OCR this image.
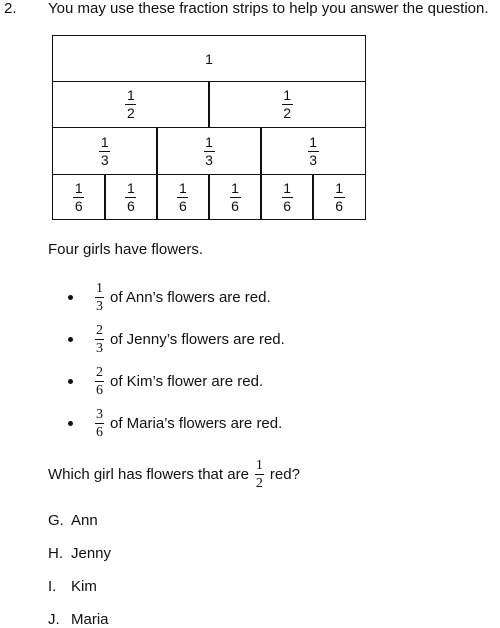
2. You may use these fraction strips to help you answer the question.
1
$\frac{1}{2}$	$\frac{1}{2}$
$\frac{1}{3}$	$\frac{1}{3}$	$\frac{1}{3}$
$\frac{1}{6}$	$\frac{1}{6}$	$\frac{1}{6}$	$\frac{1}{6}$	$\frac{1}{6}$	$\frac{1}{6}$
Four girls have flowers.
1
3
of Ann’s flowers are red.
2
3
of Jenny’s flowers are red.
2
6
of Kim’s flower are red.
3
6
of Maria’s flowers are red.
Which girl has flowers that are
1
2
red?
G. Ann
H. Jenny
I. Kim
J. Maria
